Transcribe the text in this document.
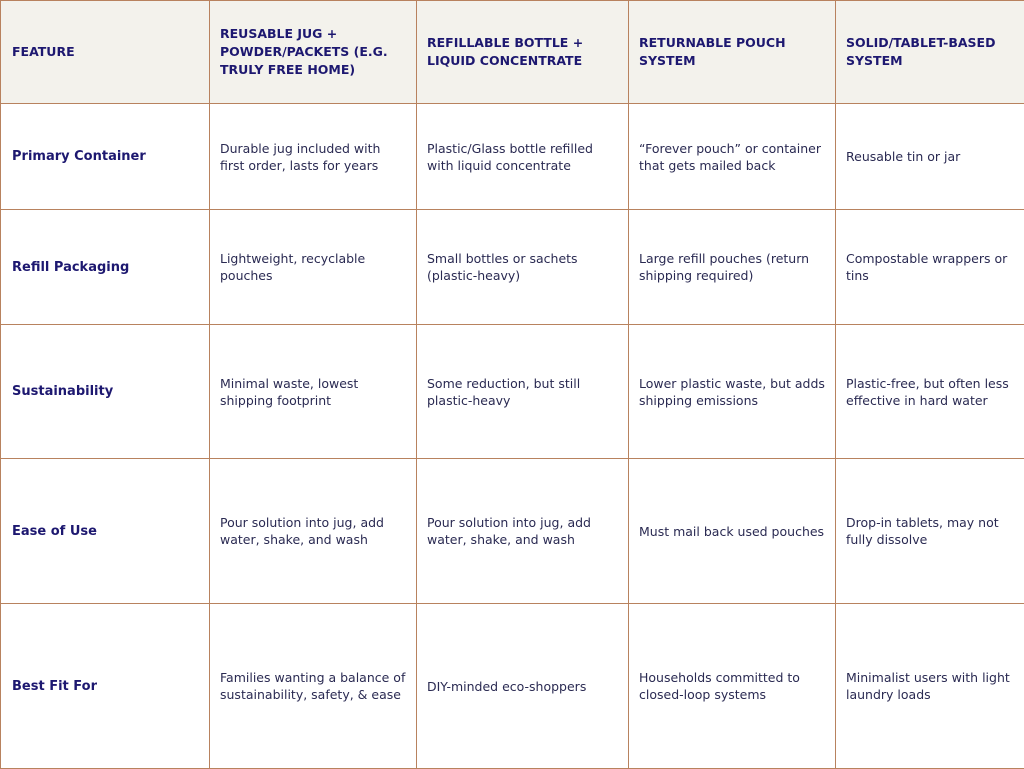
FEATURE	REUSABLE JUG + POWDER/PACKETS (E.G. TRULY FREE HOME)	REFILLABLE BOTTLE + LIQUID CONCENTRATE	RETURNABLE POUCH SYSTEM	SOLID/TABLET-BASED SYSTEM
Primary Container	Durable jug included with first order, lasts for years	Plastic/Glass bottle refilled with liquid concentrate	“Forever pouch” or container that gets mailed back	Reusable tin or jar
Refill Packaging	Lightweight, recyclable pouches	Small bottles or sachets (plastic-heavy)	Large refill pouches (return shipping required)	Compostable wrappers or tins
Sustainability	Minimal waste, lowest shipping footprint	Some reduction, but still plastic-heavy	Lower plastic waste, but adds shipping emissions	Plastic-free, but often less effective in hard water
Ease of Use	Pour solution into jug, add water, shake, and wash	Pour solution into jug, add water, shake, and wash	Must mail back used pouches	Drop-in tablets, may not fully dissolve
Best Fit For	Families wanting a balance of sustainability, safety, & ease	DIY-minded eco-shoppers	Households committed to closed-loop systems	Minimalist users with light laundry loads
